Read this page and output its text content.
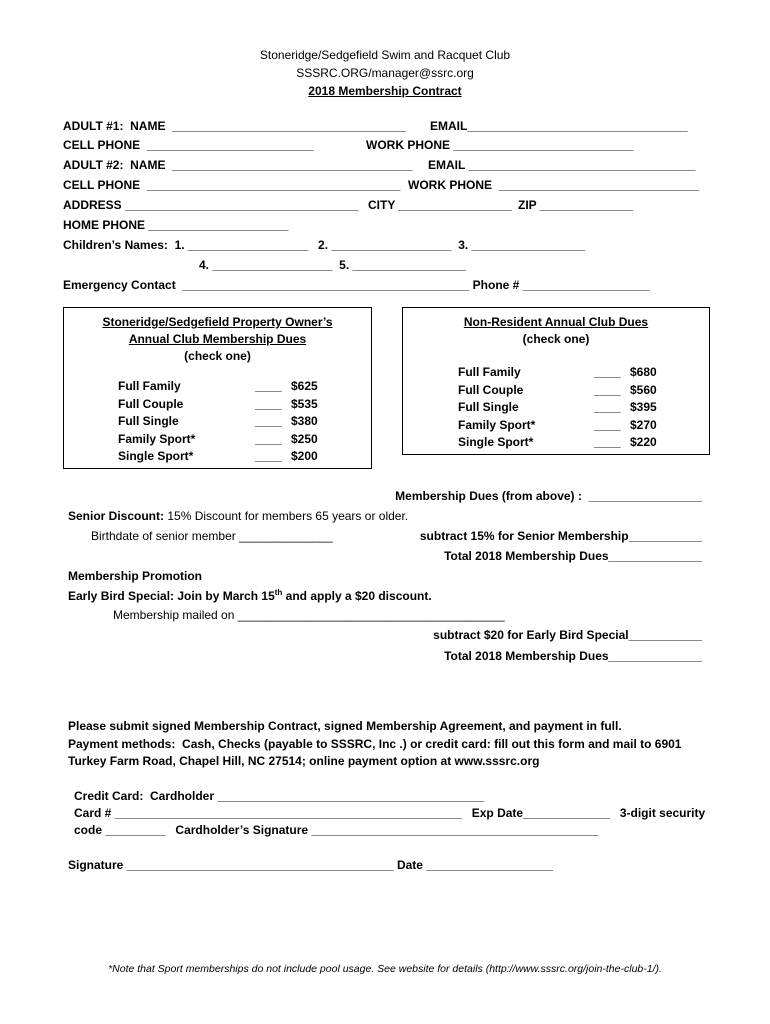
Stoneridge/Sedgefield Swim and Racquet Club
SSSRC.ORG/manager@ssrc.org
2018 Membership Contract
ADULT #1:  NAME  ___________________________________ EMAIL_________________________________
CELL PHONE  _________________________	WORK PHONE ___________________________
ADULT #2:  NAME  ____________________________________ EMAIL __________________________________
CELL PHONE  ______________________________________ WORK PHONE  ______________________________
ADDRESS ___________________________________ CITY _________________ ZIP ______________
HOME PHONE _____________________
Children’s Names:  1. __________________   2. __________________  3. _________________
4. __________________  5. _________________
Emergency Contact  ___________________________________________ Phone # ___________________
Stoneridge/Sedgefield Property Owner’s
Annual Club Membership Dues
(check one)
Full Family	____ $625
Full Couple	____ $535
Full Single	____ $380
Family Sport*	____ $250
Single Sport*	____ $200
Non-Resident Annual Club Dues
(check one)
Full Family	____ $680
Full Couple	____ $560
Full Single	____ $395
Family Sport*	____ $270
Single Sport*	____ $220
Membership Dues (from above) :  _________________
Senior Discount: 15% Discount for members 65 years or older.
Birthdate of senior member ______________	subtract 15% for Senior Membership___________
Total 2018 Membership Dues______________
Membership Promotion
Early Bird Special: Join by March 15th and apply a $20 discount.
Membership mailed on ________________________________________
subtract $20 for Early Bird Special___________
Total 2018 Membership Dues______________
Please submit signed Membership Contract, signed Membership Agreement, and payment in full.
Payment methods:  Cash, Checks (payable to SSSRC, Inc .) or credit card: fill out this form and mail to 6901
Turkey Farm Road, Chapel Hill, NC 27514; online payment option at www.sssrc.org
Credit Card:  Cardholder ________________________________________
Card # ____________________________________________________   Exp Date_____________   3-digit security
code _________   Cardholder’s Signature ___________________________________________
Signature ________________________________________ Date ___________________
*Note that Sport memberships do not include pool usage. See website for details (http://www.sssrc.org/join-the-club-1/).
